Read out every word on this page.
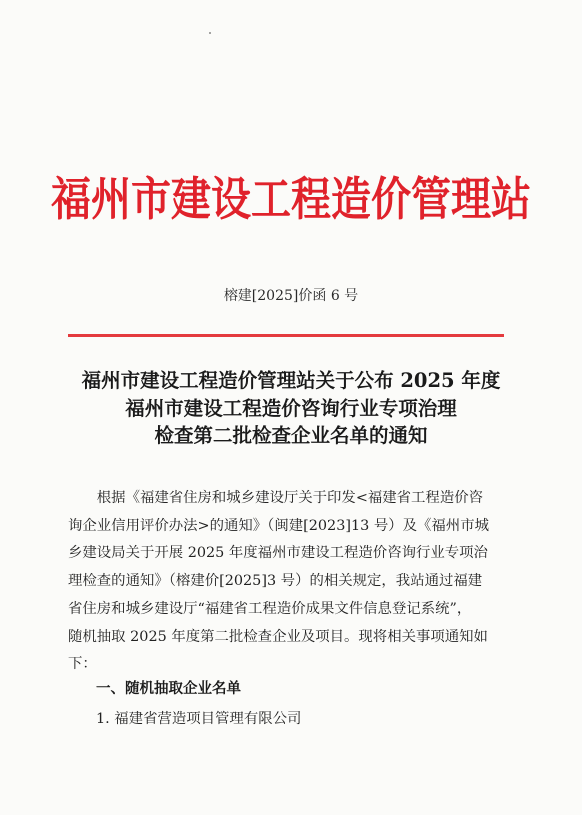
福州市建设工程造价管理站
榕建[2025]价函 6 号
福州市建设工程造价管理站关于公布 2025 年度
福州市建设工程造价咨询行业专项治理
检查第二批检查企业名单的通知
　　根据《福建省住房和城乡建设厅关于印发<福建省工程造价咨
询企业信用评价办法>的通知》（闽建[2023]13 号）及《福州市城
乡建设局关于开展 2025 年度福州市建设工程造价咨询行业专项治
理检查的通知》（榕建价[2025]3 号）的相关规定，我站通过福建
省住房和城乡建设厅“福建省工程造价成果文件信息登记系统”，
随机抽取 2025 年度第二批检查企业及项目。现将相关事项通知如
下：
一、随机抽取企业名单
1. 福建省营造项目管理有限公司
